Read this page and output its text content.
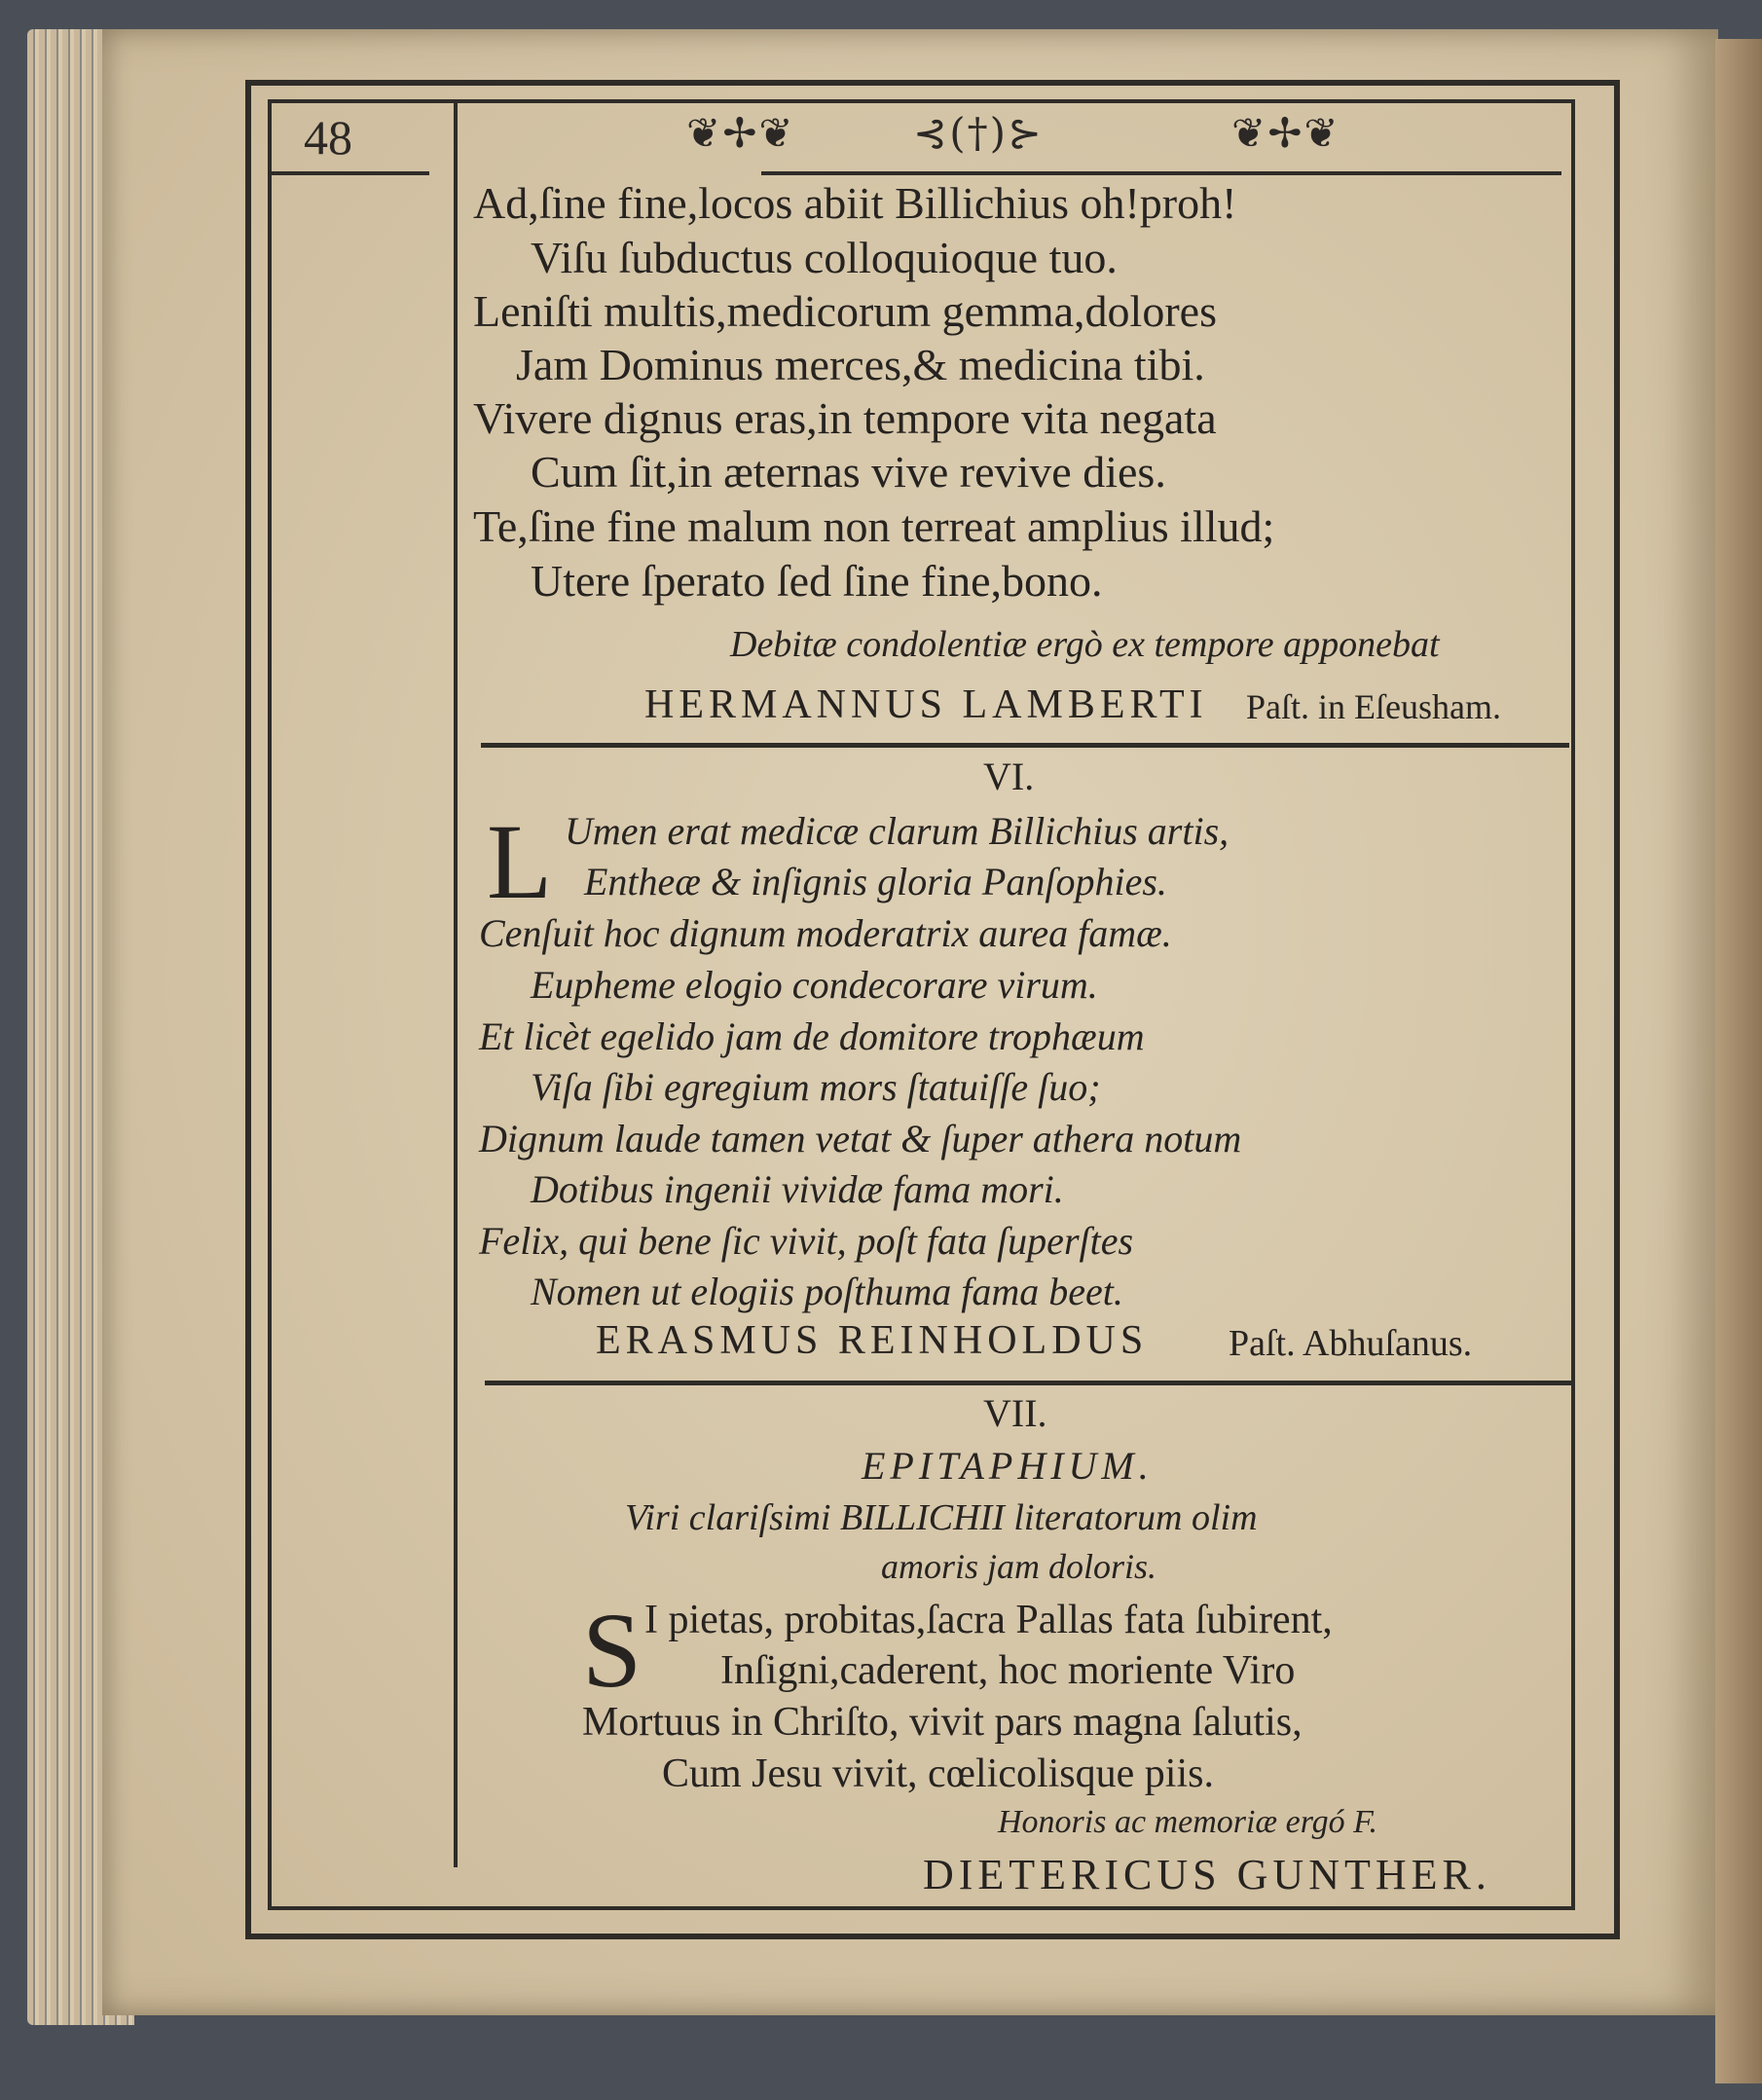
48	❦✢❦	⊰(†)⊱	❦✢❦
Ad,ſine fine,locos abiit Billichius oh!proh!
Viſu ſubductus colloquioque tuo.
Leniſti multis,medicorum gemma,dolores
Jam Dominus merces,& medicina tibi.
Vivere dignus eras,in tempore vita negata
Cum ſit,in æternas vive revive dies.
Te,ſine fine malum non terreat amplius illud;
Utere ſperato ſed ſine fine,bono.
Debitæ condolentiæ ergò ex tempore apponebat
HERMANNUS LAMBERTI Paſt. in Eſeusham.
VI.
L Umen erat medicæ clarum Billichius artis,
Entheæ & inſignis gloria Panſophies.
Cenſuit hoc dignum moderatrix aurea famæ.
Eupheme elogio condecorare virum.
Et licèt egelido jam de domitore trophæum
Viſa ſibi egregium mors ſtatuiſſe ſuo;
Dignum laude tamen vetat & ſuper athera notum
Dotibus ingenii vividæ fama mori.
Felix, qui bene ſic vivit, poſt fata ſuperſtes
Nomen ut elogiis poſthuma fama beet.
ERASMUS REINHOLDUS Paſt. Abhuſanus.
VII.
EPITAPHIUM.
Viri clariſsimi BILLICHII literatorum olim
amoris jam doloris.
S I pietas, probitas,ſacra Pallas fata ſubirent,
Inſigni,caderent, hoc moriente Viro
Mortuus in Chriſto, vivit pars magna ſalutis,
Cum Jesu vivit, cœlicolisque piis.
Honoris ac memoriæ ergó F.
DIETERICUS GUNTHER.
